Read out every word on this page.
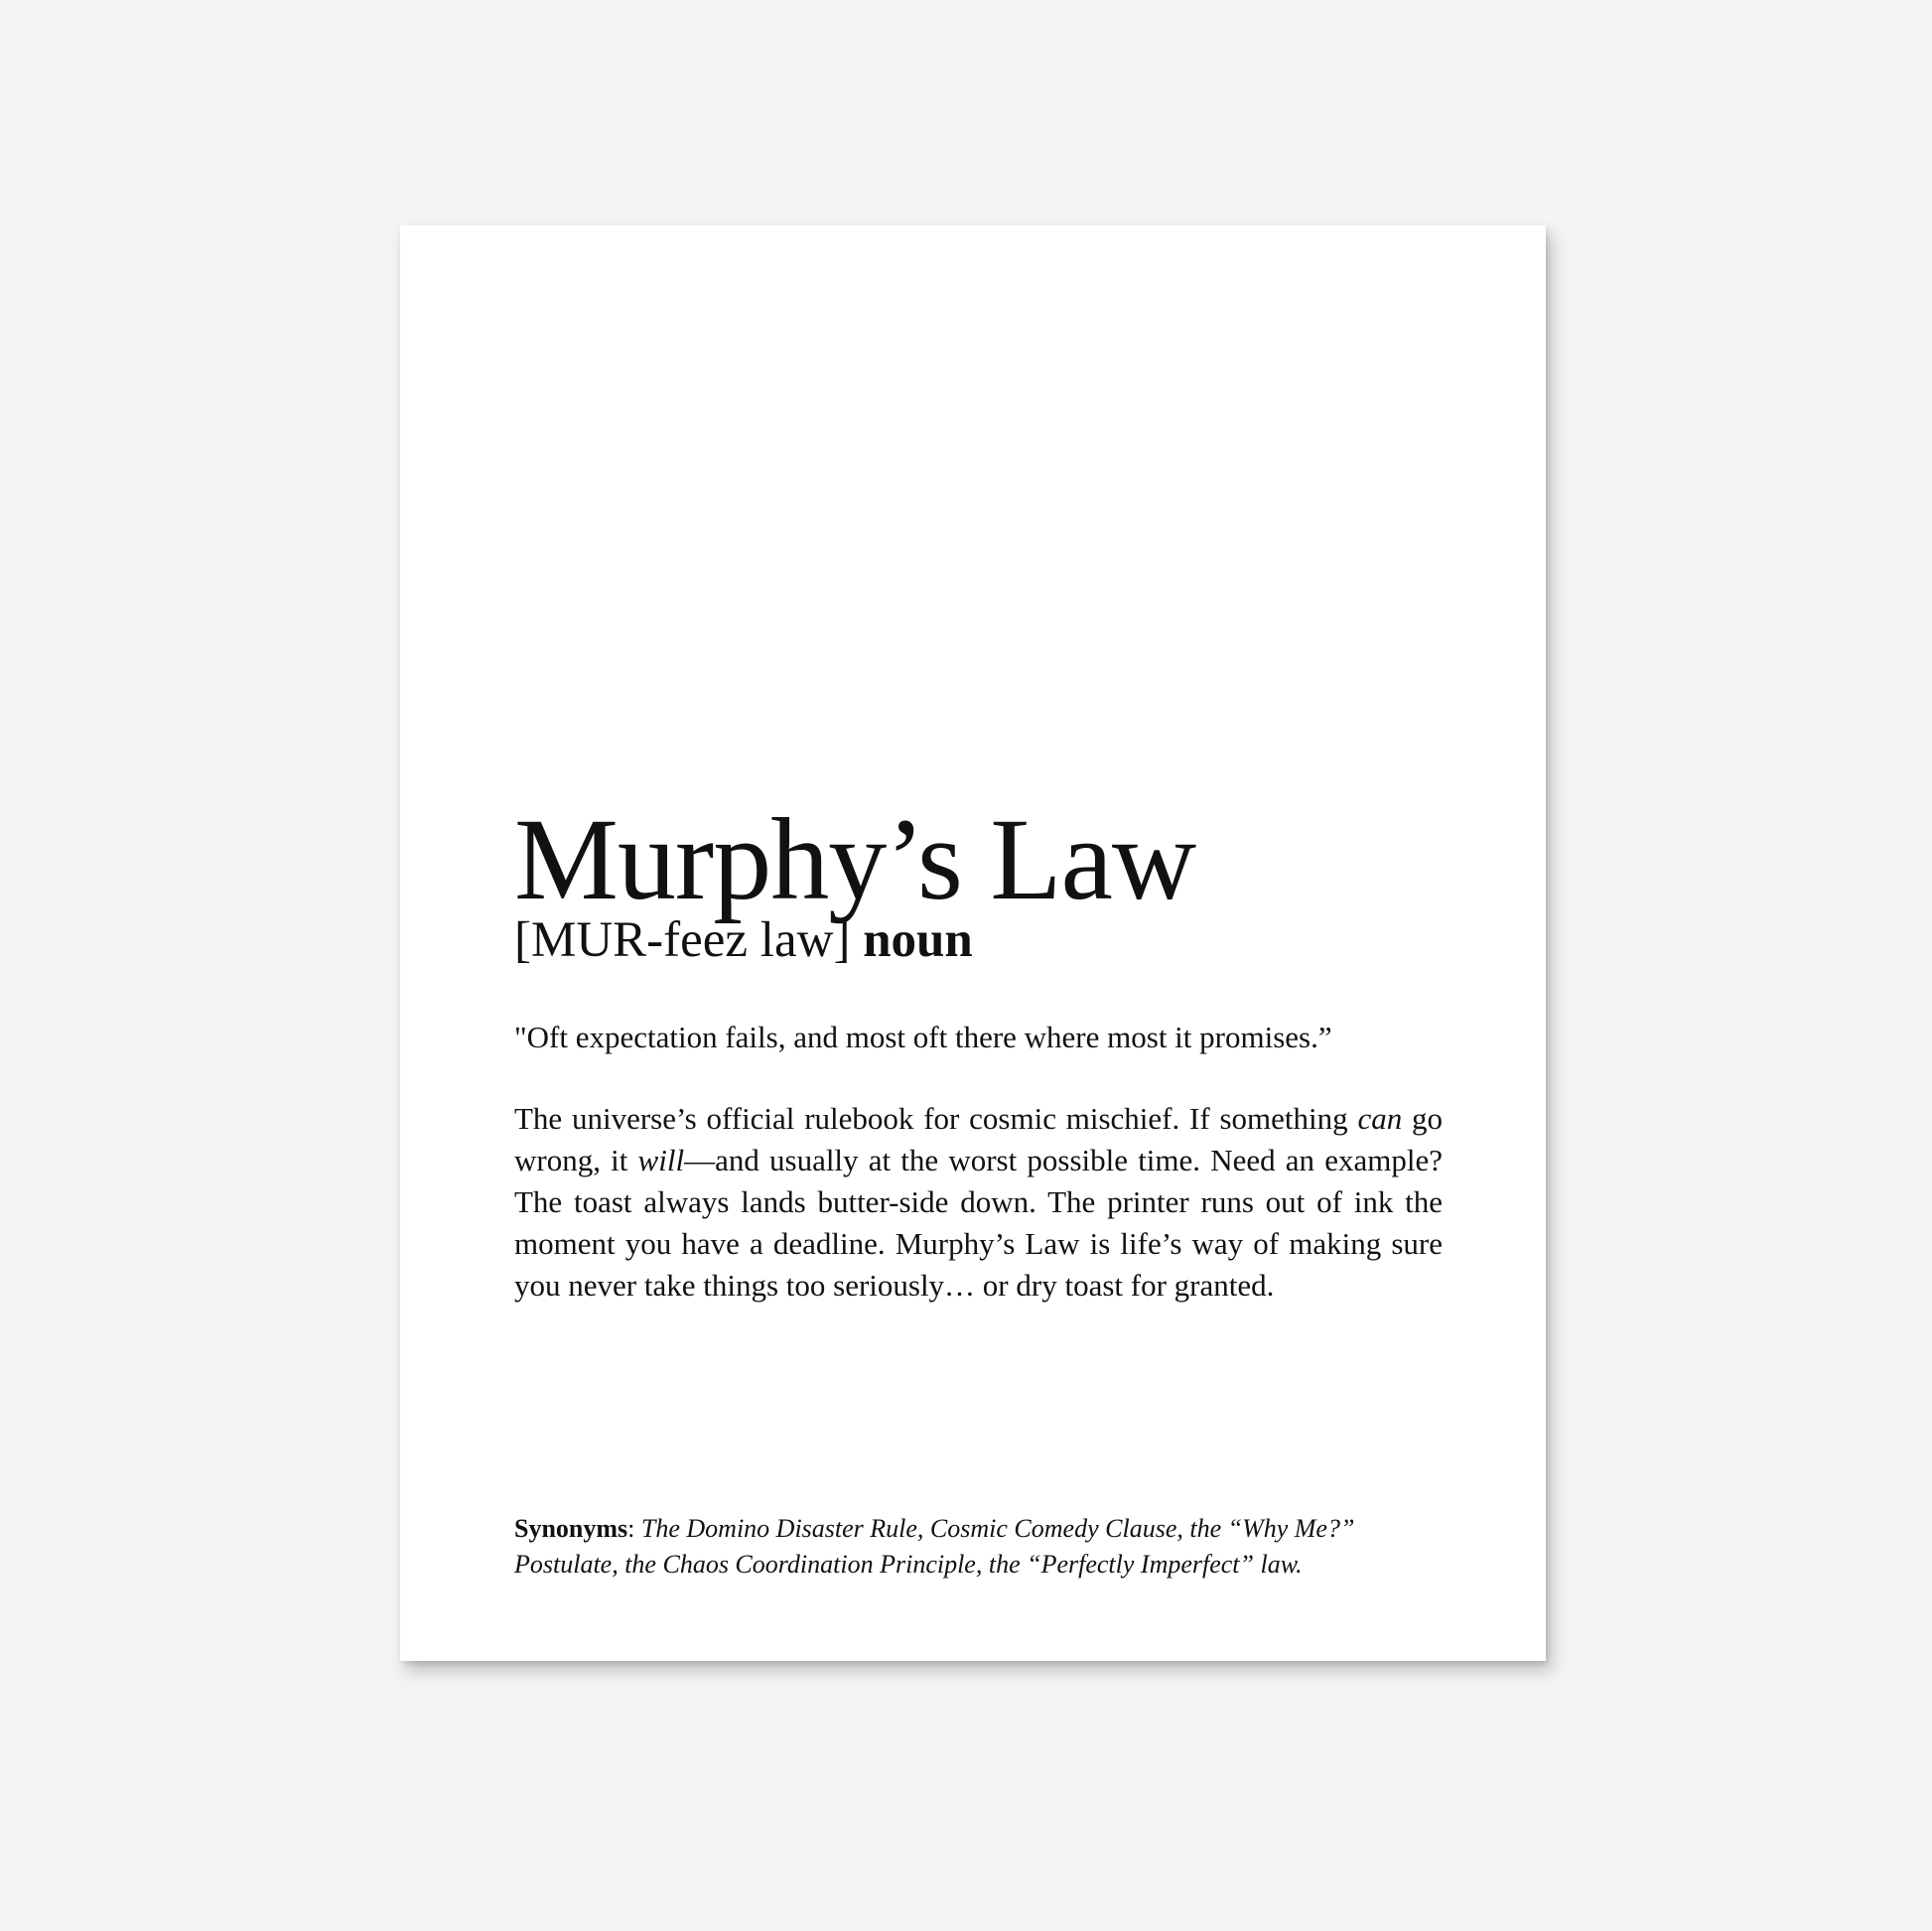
Murphy’s Law
[MUR-feez law] noun
"Oft expectation fails, and most oft there where most it promises.”
The universe’s official rulebook for cosmic mischief. If something can go wrong, it will—and usually at the worst possible time. Need an example? The toast always lands butter-side down. The printer runs out of ink the moment you have a deadline. Murphy’s Law is life’s way of making sure you never take things too seriously… or dry toast for granted.
Synonyms: The Domino Disaster Rule, Cosmic Comedy Clause, the “Why Me?” Postulate, the Chaos Coordination Principle, the “Perfectly Imperfect” law.
